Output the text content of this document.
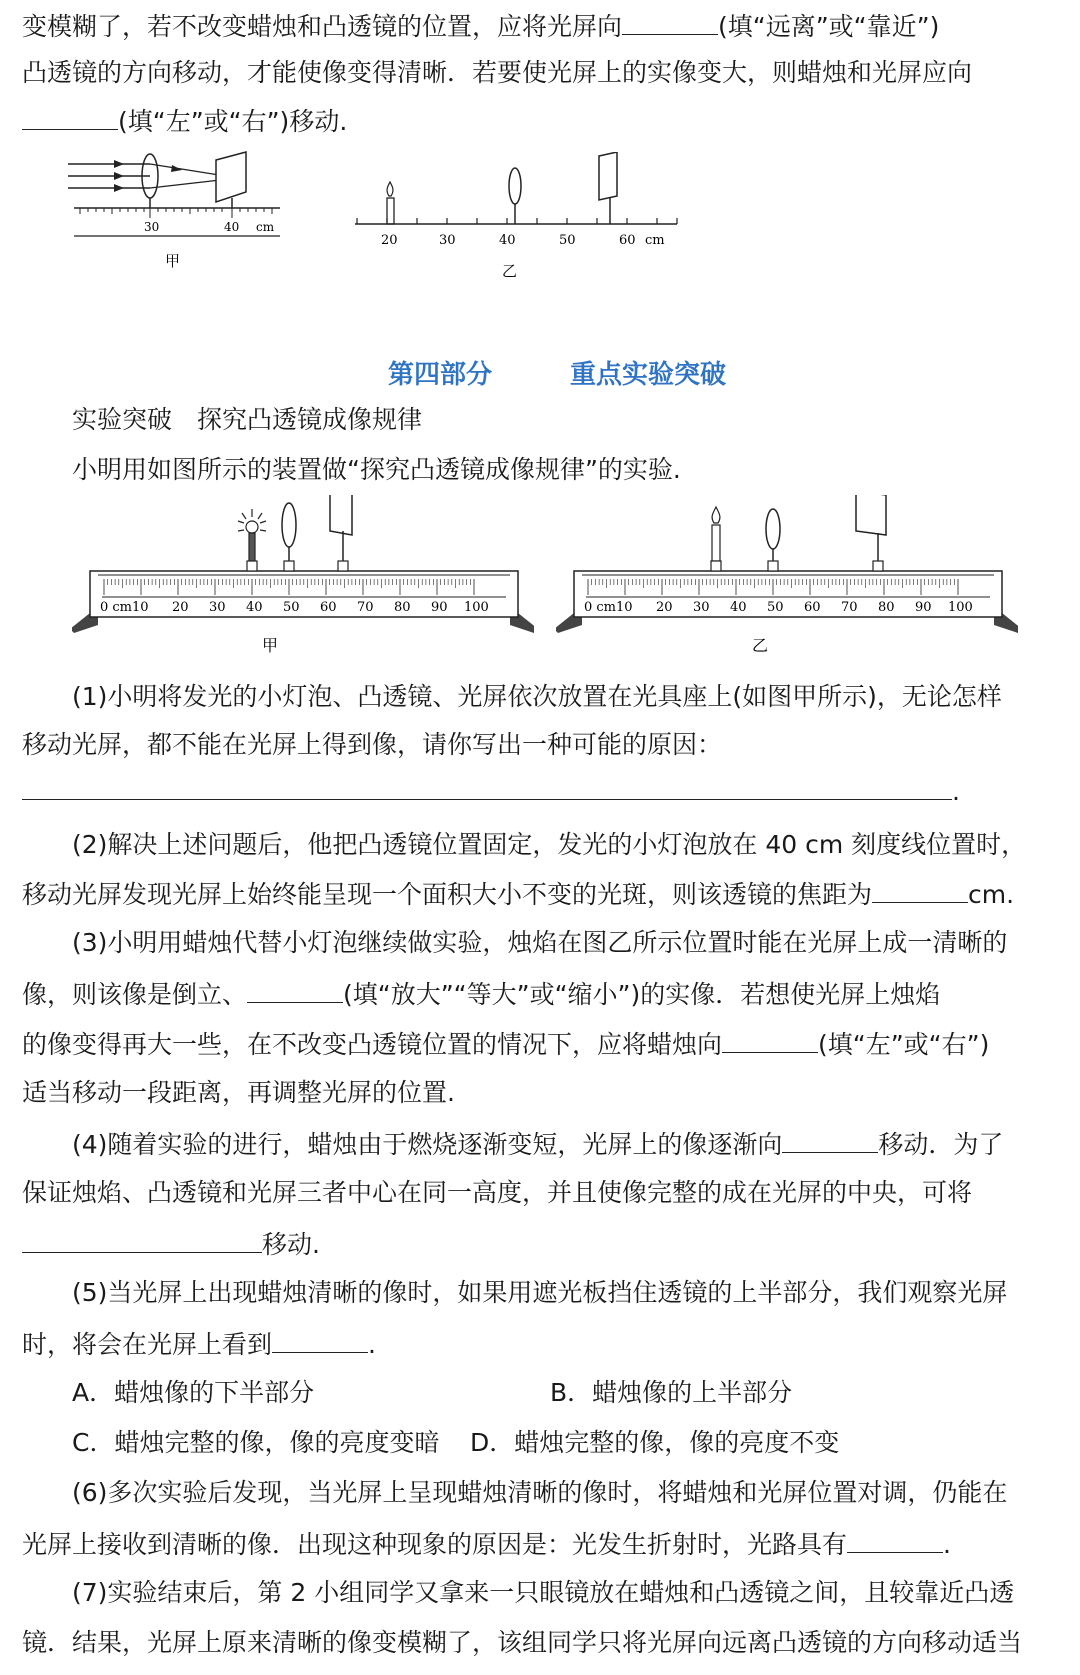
变模糊了，若不改变蜡烛和凸透镜的位置，应将光屏向	(填“远离”或“靠近”)
凸透镜的方向移动，才能使像变得清晰．若要使光屏上的实像变大，则蜡烛和光屏应向
(填“左”或“右”)移动.
30	40 cm
甲
20	30	40	50	60 cm
乙
第四部分	重点实验突破
实验突破　探究凸透镜成像规律
小明用如图所示的装置做“探究凸透镜成像规律”的实验.
0 cm10 20 30 40 50 60 70 80 90 100
甲
0 cm10 20 30 40 50 60 70 80 90 100
乙
(1)小明将发光的小灯泡、凸透镜、光屏依次放置在光具座上(如图甲所示)，无论怎样
移动光屏，都不能在光屏上得到像，请你写出一种可能的原因：
.
(2)解决上述问题后，他把凸透镜位置固定，发光的小灯泡放在 40 cm 刻度线位置时，
移动光屏发现光屏上始终能呈现一个面积大小不变的光斑，则该透镜的焦距为	cm.
(3)小明用蜡烛代替小灯泡继续做实验，烛焰在图乙所示位置时能在光屏上成一清晰的
像，则该像是倒立、	(填“放大”“等大”或“缩小”)的实像．若想使光屏上烛焰
的像变得再大一些，在不改变凸透镜位置的情况下，应将蜡烛向	(填“左”或“右”)
适当移动一段距离，再调整光屏的位置.
(4)随着实验的进行，蜡烛由于燃烧逐渐变短，光屏上的像逐渐向	移动．为了
保证烛焰、凸透镜和光屏三者中心在同一高度，并且使像完整的成在光屏的中央，可将
移动.
(5)当光屏上出现蜡烛清晰的像时，如果用遮光板挡住透镜的上半部分，我们观察光屏
时，将会在光屏上看到	.
A．蜡烛像的下半部分	B．蜡烛像的上半部分
C．蜡烛完整的像，像的亮度变暗 D．蜡烛完整的像，像的亮度不变
(6)多次实验后发现，当光屏上呈现蜡烛清晰的像时，将蜡烛和光屏位置对调，仍能在
光屏上接收到清晰的像．出现这种现象的原因是：光发生折射时，光路具有	.
(7)实验结束后，第 2 小组同学又拿来一只眼镜放在蜡烛和凸透镜之间，且较靠近凸透
镜．结果，光屏上原来清晰的像变模糊了，该组同学只将光屏向远离凸透镜的方向移动适当
